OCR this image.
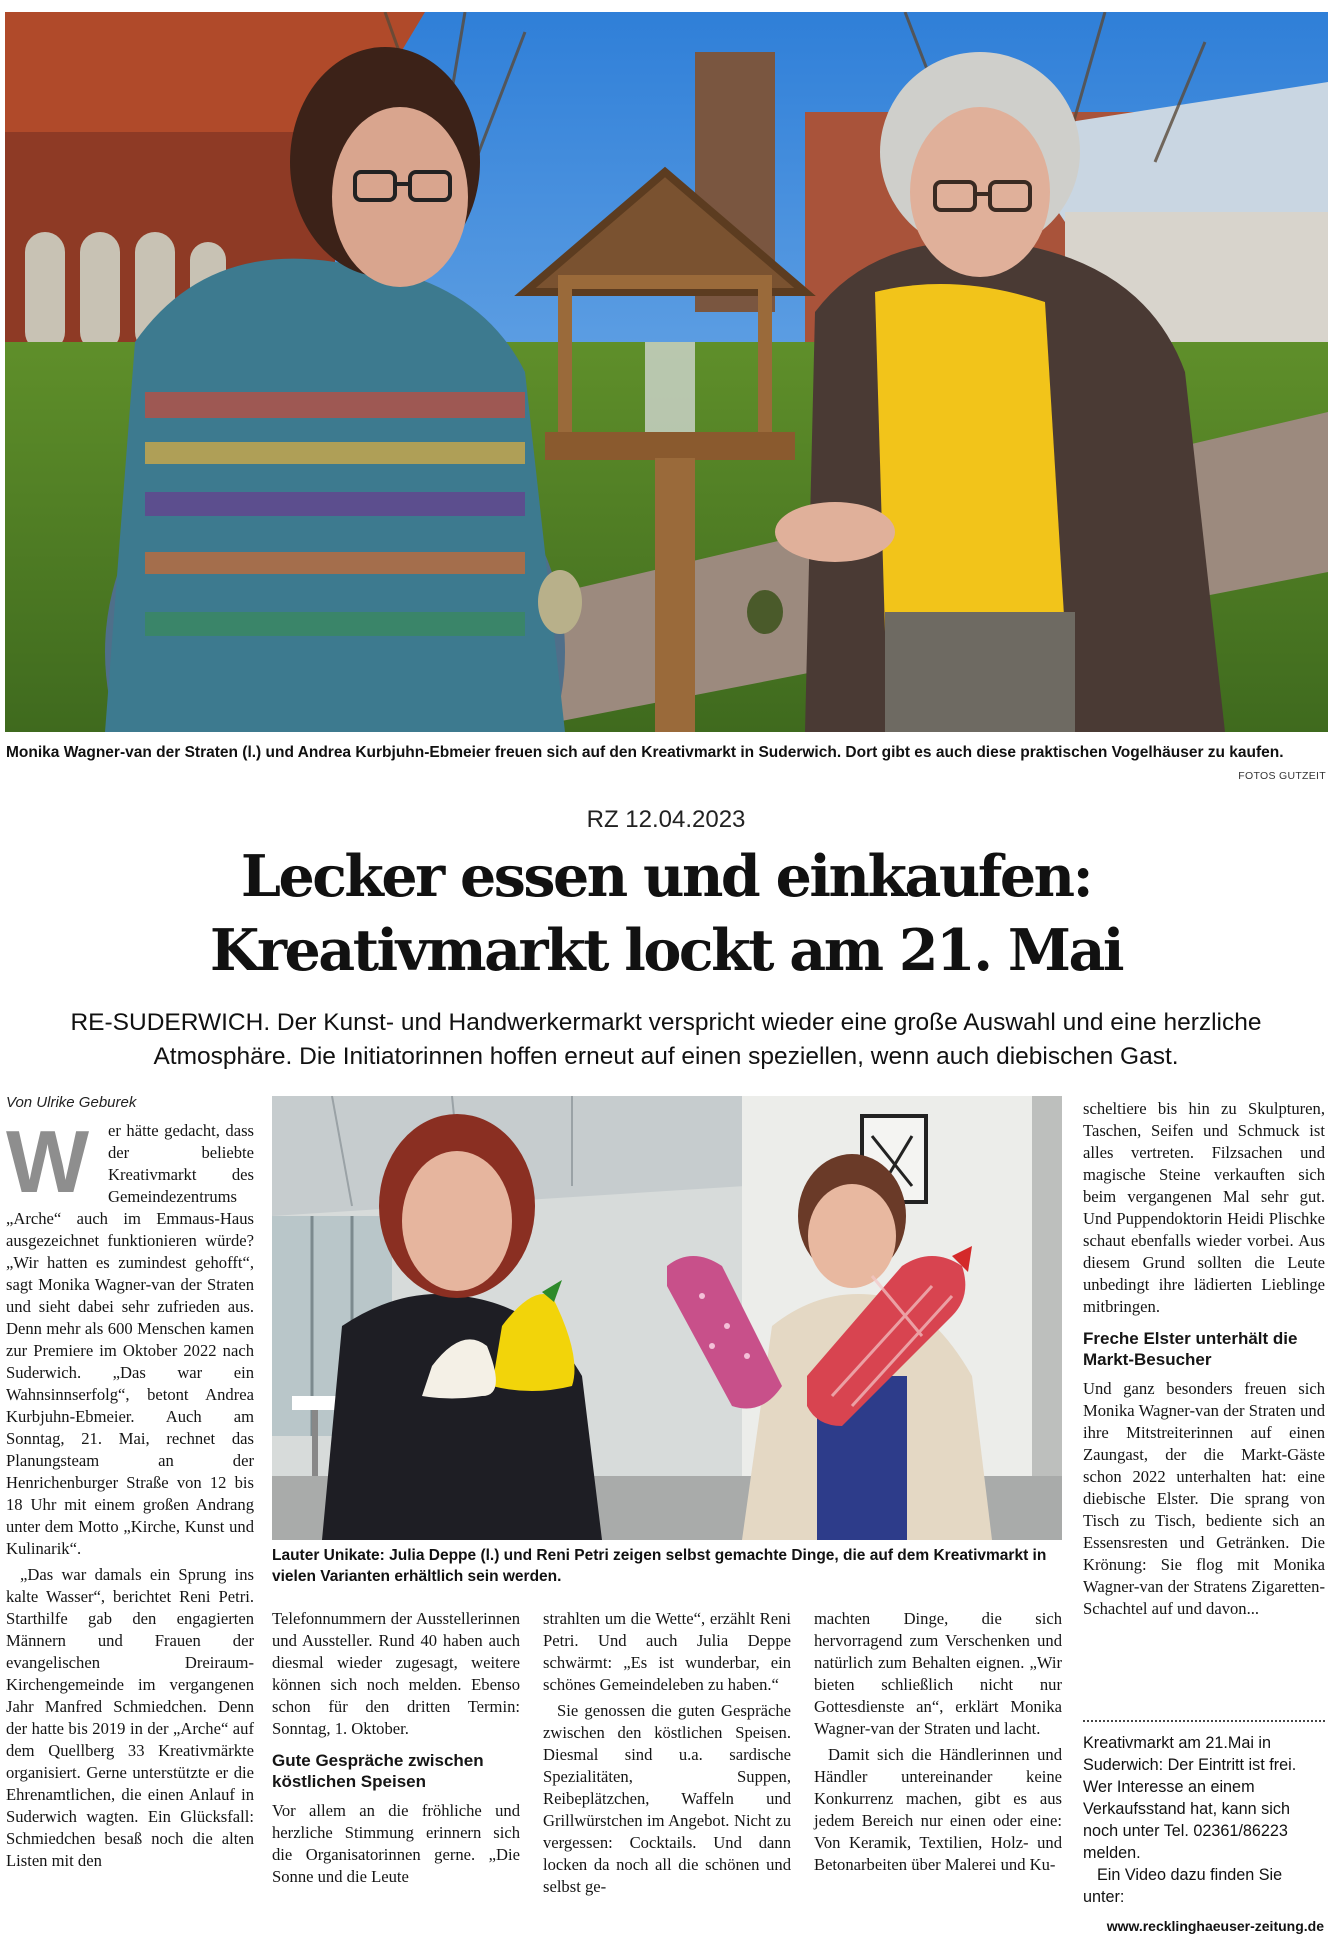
Monika Wagner-van der Straten (l.) und Andrea Kurbjuhn-Ebmeier freuen sich auf den Kreativmarkt in Suderwich. Dort gibt es auch diese praktischen Vogelhäuser zu kaufen.
FOTOS GUTZEIT
RZ 12.04.2023
Lecker essen und einkaufen:
Kreativmarkt lockt am 21. Mai
RE-SUDERWICH. Der Kunst- und Handwerkermarkt verspricht wieder eine große Auswahl und eine herzliche Atmosphäre. Die Initiatorinnen hoffen erneut auf einen speziellen, wenn auch diebischen Gast.
Von Ulrike Geburek
W	er hätte gedacht, dass der beliebte Kreativmarkt des Gemeindezentrums „Arche“ auch im Emmaus-Haus ausgezeichnet funktionieren würde? „Wir hatten es zumindest gehofft“, sagt Monika Wagner-van der Straten und sieht dabei sehr zufrieden aus. Denn mehr als 600 Menschen kamen zur Premiere im Oktober 2022 nach Suderwich. „Das war ein Wahnsinnserfolg“, betont Andrea Kurbjuhn-Ebmeier. Auch am Sonntag, 21. Mai, rechnet das Planungsteam an der Henrichenburger Straße von 12 bis 18 Uhr mit einem großen Andrang unter dem Motto „Kirche, Kunst und Kulinarik“.

„Das war damals ein Sprung ins kalte Wasser“, berichtet Reni Petri. Starthilfe gab den engagierten Männern und Frauen der evangelischen Dreiraum-Kirchengemeinde im vergangenen Jahr Manfred Schmiedchen. Denn der hatte bis 2019 in der „Arche“ auf dem Quellberg 33 Kreativmärkte organisiert. Gerne unterstützte er die Ehrenamtlichen, die einen Anlauf in Suderwich wagten. Ein Glücksfall: Schmiedchen besaß noch die alten Listen mit den

Lauter Unikate: Julia Deppe (l.) und Reni Petri zeigen selbst gemachte Dinge, die auf dem Kreativmarkt in vielen Varianten erhältlich sein werden.

Telefonnummern der Ausstellerinnen und Aussteller. Rund 40 haben auch diesmal wieder zugesagt, weitere können sich noch melden. Ebenso schon für den dritten Termin: Sonntag, 1. Oktober.

Gute Gespräche zwischen köstlichen Speisen

Vor allem an die fröhliche und herzliche Stimmung erinnern sich die Organisatorinnen gerne. „Die Sonne und die Leute

strahlten um die Wette“, erzählt Reni Petri. Und auch Julia Deppe schwärmt: „Es ist wunderbar, ein schönes Gemeindeleben zu haben.“

Sie genossen die guten Gespräche zwischen den köstlichen Speisen. Diesmal sind u.a. sardische Spezialitäten, Suppen, Reibeplätzchen, Waffeln und Grillwürstchen im Angebot. Nicht zu vergessen: Cocktails. Und dann locken da noch all die schönen und selbst ge-

machten Dinge, die sich hervorragend zum Verschenken und natürlich zum Behalten eignen. „Wir bieten schließlich nicht nur Gottesdienste an“, erklärt Monika Wagner-van der Straten und lacht.

Damit sich die Händlerinnen und Händler untereinander keine Konkurrenz machen, gibt es aus jedem Bereich nur einen oder eine: Von Keramik, Textilien, Holz- und Betonarbeiten über Malerei und Ku-

scheltiere bis hin zu Skulpturen, Taschen, Seifen und Schmuck ist alles vertreten. Filzsachen und magische Steine verkauften sich beim vergangenen Mal sehr gut. Und Puppendoktorin Heidi Plischke schaut ebenfalls wieder vorbei. Aus diesem Grund sollten die Leute unbedingt ihre lädierten Lieblinge mitbringen.

Freche Elster unterhält die Markt-Besucher

Und ganz besonders freuen sich Monika Wagner-van der Straten und ihre Mitstreiterinnen auf einen Zaungast, der die Markt-Gäste schon 2022 unterhalten hat: eine diebische Elster. Die sprang von Tisch zu Tisch, bediente sich an Essensresten und Getränken. Die Krönung: Sie flog mit Monika Wagner-van der Stratens Zigaretten-Schachtel auf und davon...

Kreativmarkt am 21.Mai in Suderwich: Der Eintritt ist frei. Wer Interesse an einem Verkaufsstand hat, kann sich noch unter Tel. 02361/86223 melden.

Ein Video dazu finden Sie unter:

www.recklinghaeuser-zeitung.de
